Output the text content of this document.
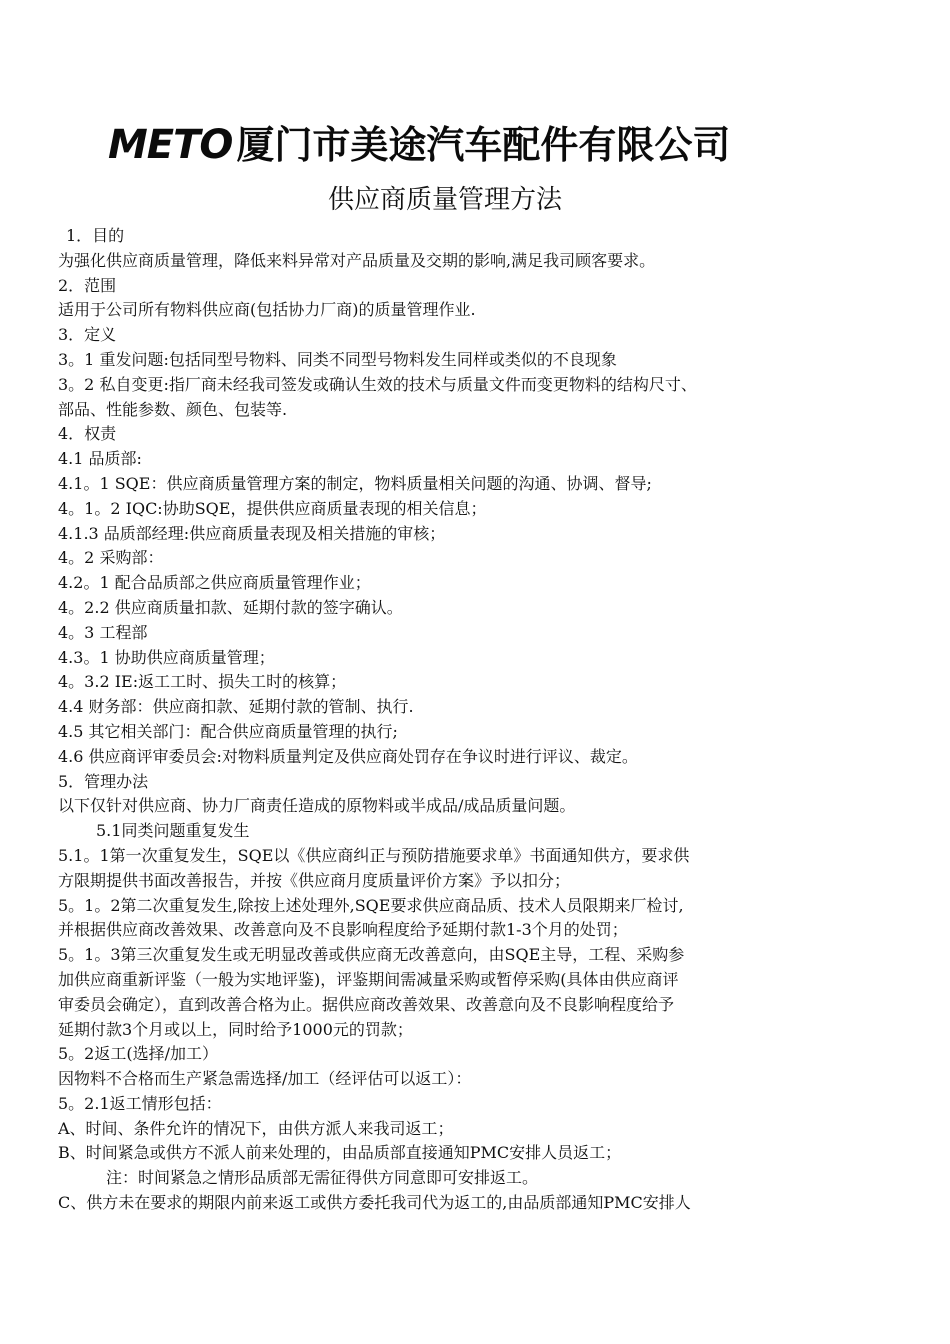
METO 厦门市美途汽车配件有限公司
供应商质量管理方法
1．目的
为强化供应商质量管理，降低来料异常对产品质量及交期的影响,满足我司顾客要求。
2．范围
适用于公司所有物料供应商(包括协力厂商)的质量管理作业.
3．定义
3。1 重发问题:包括同型号物料、同类不同型号物料发生同样或类似的不良现象
3。2 私自变更:指厂商未经我司签发或确认生效的技术与质量文件而变更物料的结构尺寸、
部品、性能参数、颜色、包装等.
4．权责
4.1 品质部:
4.1。1 SQE：供应商质量管理方案的制定，物料质量相关问题的沟通、协调、督导;
4。1。2 IQC:协助SQE，提供供应商质量表现的相关信息；
4.1.3 品质部经理:供应商质量表现及相关措施的审核；
4。2 采购部：
4.2。1 配合品质部之供应商质量管理作业；
4。2.2 供应商质量扣款、延期付款的签字确认。
4。3 工程部
4.3。1 协助供应商质量管理；
4。3.2 IE:返工工时、损失工时的核算；
4.4 财务部：供应商扣款、延期付款的管制、执行.
4.5 其它相关部门：配合供应商质量管理的执行;
4.6 供应商评审委员会:对物料质量判定及供应商处罚存在争议时进行评议、裁定。
5．管理办法
以下仅针对供应商、协力厂商责任造成的原物料或半成品/成品质量问题。
5.1同类问题重复发生
5.1。1第一次重复发生，SQE以《供应商纠正与预防措施要求单》书面通知供方，要求供
方限期提供书面改善报告，并按《供应商月度质量评价方案》予以扣分；
5。1。2第二次重复发生,除按上述处理外,SQE要求供应商品质、技术人员限期来厂检讨,
并根据供应商改善效果、改善意向及不良影响程度给予延期付款1-3个月的处罚；
5。1。3第三次重复发生或无明显改善或供应商无改善意向，由SQE主导，工程、采购参
加供应商重新评鉴（一般为实地评鉴)，评鉴期间需减量采购或暂停采购(具体由供应商评
审委员会确定），直到改善合格为止。据供应商改善效果、改善意向及不良影响程度给予
延期付款3个月或以上，同时给予1000元的罚款；
5。2返工(选择/加工）
因物料不合格而生产紧急需选择/加工（经评估可以返工）：
5。2.1返工情形包括：
A、时间、条件允许的情况下，由供方派人来我司返工；
B、时间紧急或供方不派人前来处理的，由品质部直接通知PMC安排人员返工；
注：时间紧急之情形品质部无需征得供方同意即可安排返工。
C、供方未在要求的期限内前来返工或供方委托我司代为返工的,由品质部通知PMC安排人
